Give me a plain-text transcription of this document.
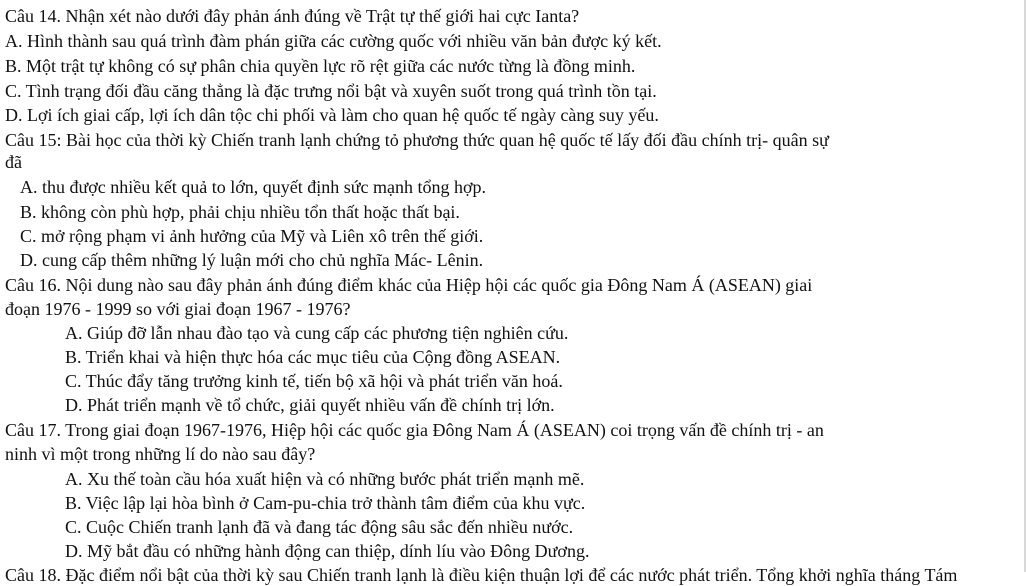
Câu 14. Nhận xét nào dưới đây phản ánh đúng về Trật tự thế giới hai cực Ianta?
A. Hình thành sau quá trình đàm phán giữa các cường quốc với nhiều văn bản được ký kết.
B. Một trật tự không có sự phân chia quyền lực rõ rệt giữa các nước từng là đồng minh.
C. Tình trạng đối đầu căng thẳng là đặc trưng nổi bật và xuyên suốt trong quá trình tồn tại.
D. Lợi ích giai cấp, lợi ích dân tộc chi phối và làm cho quan hệ quốc tế ngày càng suy yếu.
Câu 15: Bài học của thời kỳ Chiến tranh lạnh chứng tỏ phương thức quan hệ quốc tế lấy đối đầu chính trị- quân sự
đã
A. thu được nhiều kết quả to lớn, quyết định sức mạnh tổng hợp.
B. không còn phù hợp, phải chịu nhiều tổn thất hoặc thất bại.
C. mở rộng phạm vi ảnh hưởng của Mỹ và Liên xô trên thế giới.
D. cung cấp thêm những lý luận mới cho chủ nghĩa Mác- Lênin.
Câu 16. Nội dung nào sau đây phản ánh đúng điểm khác của Hiệp hội các quốc gia Đông Nam Á (ASEAN) giai
đoạn 1976 - 1999 so với giai đoạn 1967 - 1976?
A. Giúp đỡ lẫn nhau đào tạo và cung cấp các phương tiện nghiên cứu.
B. Triển khai và hiện thực hóa các mục tiêu của Cộng đồng ASEAN.
C. Thúc đẩy tăng trưởng kinh tế, tiến bộ xã hội và phát triển văn hoá.
D. Phát triển mạnh về tổ chức, giải quyết nhiều vấn đề chính trị lớn.
Câu 17. Trong giai đoạn 1967-1976, Hiệp hội các quốc gia Đông Nam Á (ASEAN) coi trọng vấn đề chính trị - an
ninh vì một trong những lí do nào sau đây?
A. Xu thế toàn cầu hóa xuất hiện và có những bước phát triển mạnh mẽ.
B. Việc lập lại hòa bình ở Cam-pu-chia trở thành tâm điểm của khu vực.
C. Cuộc Chiến tranh lạnh đã và đang tác động sâu sắc đến nhiều nước.
D. Mỹ bắt đầu có những hành động can thiệp, dính líu vào Đông Dương.
Câu 18. Đặc điểm nổi bật của thời kỳ sau Chiến tranh lạnh là điều kiện thuận lợi để các nước phát triển. Tổng khởi nghĩa tháng Tám
